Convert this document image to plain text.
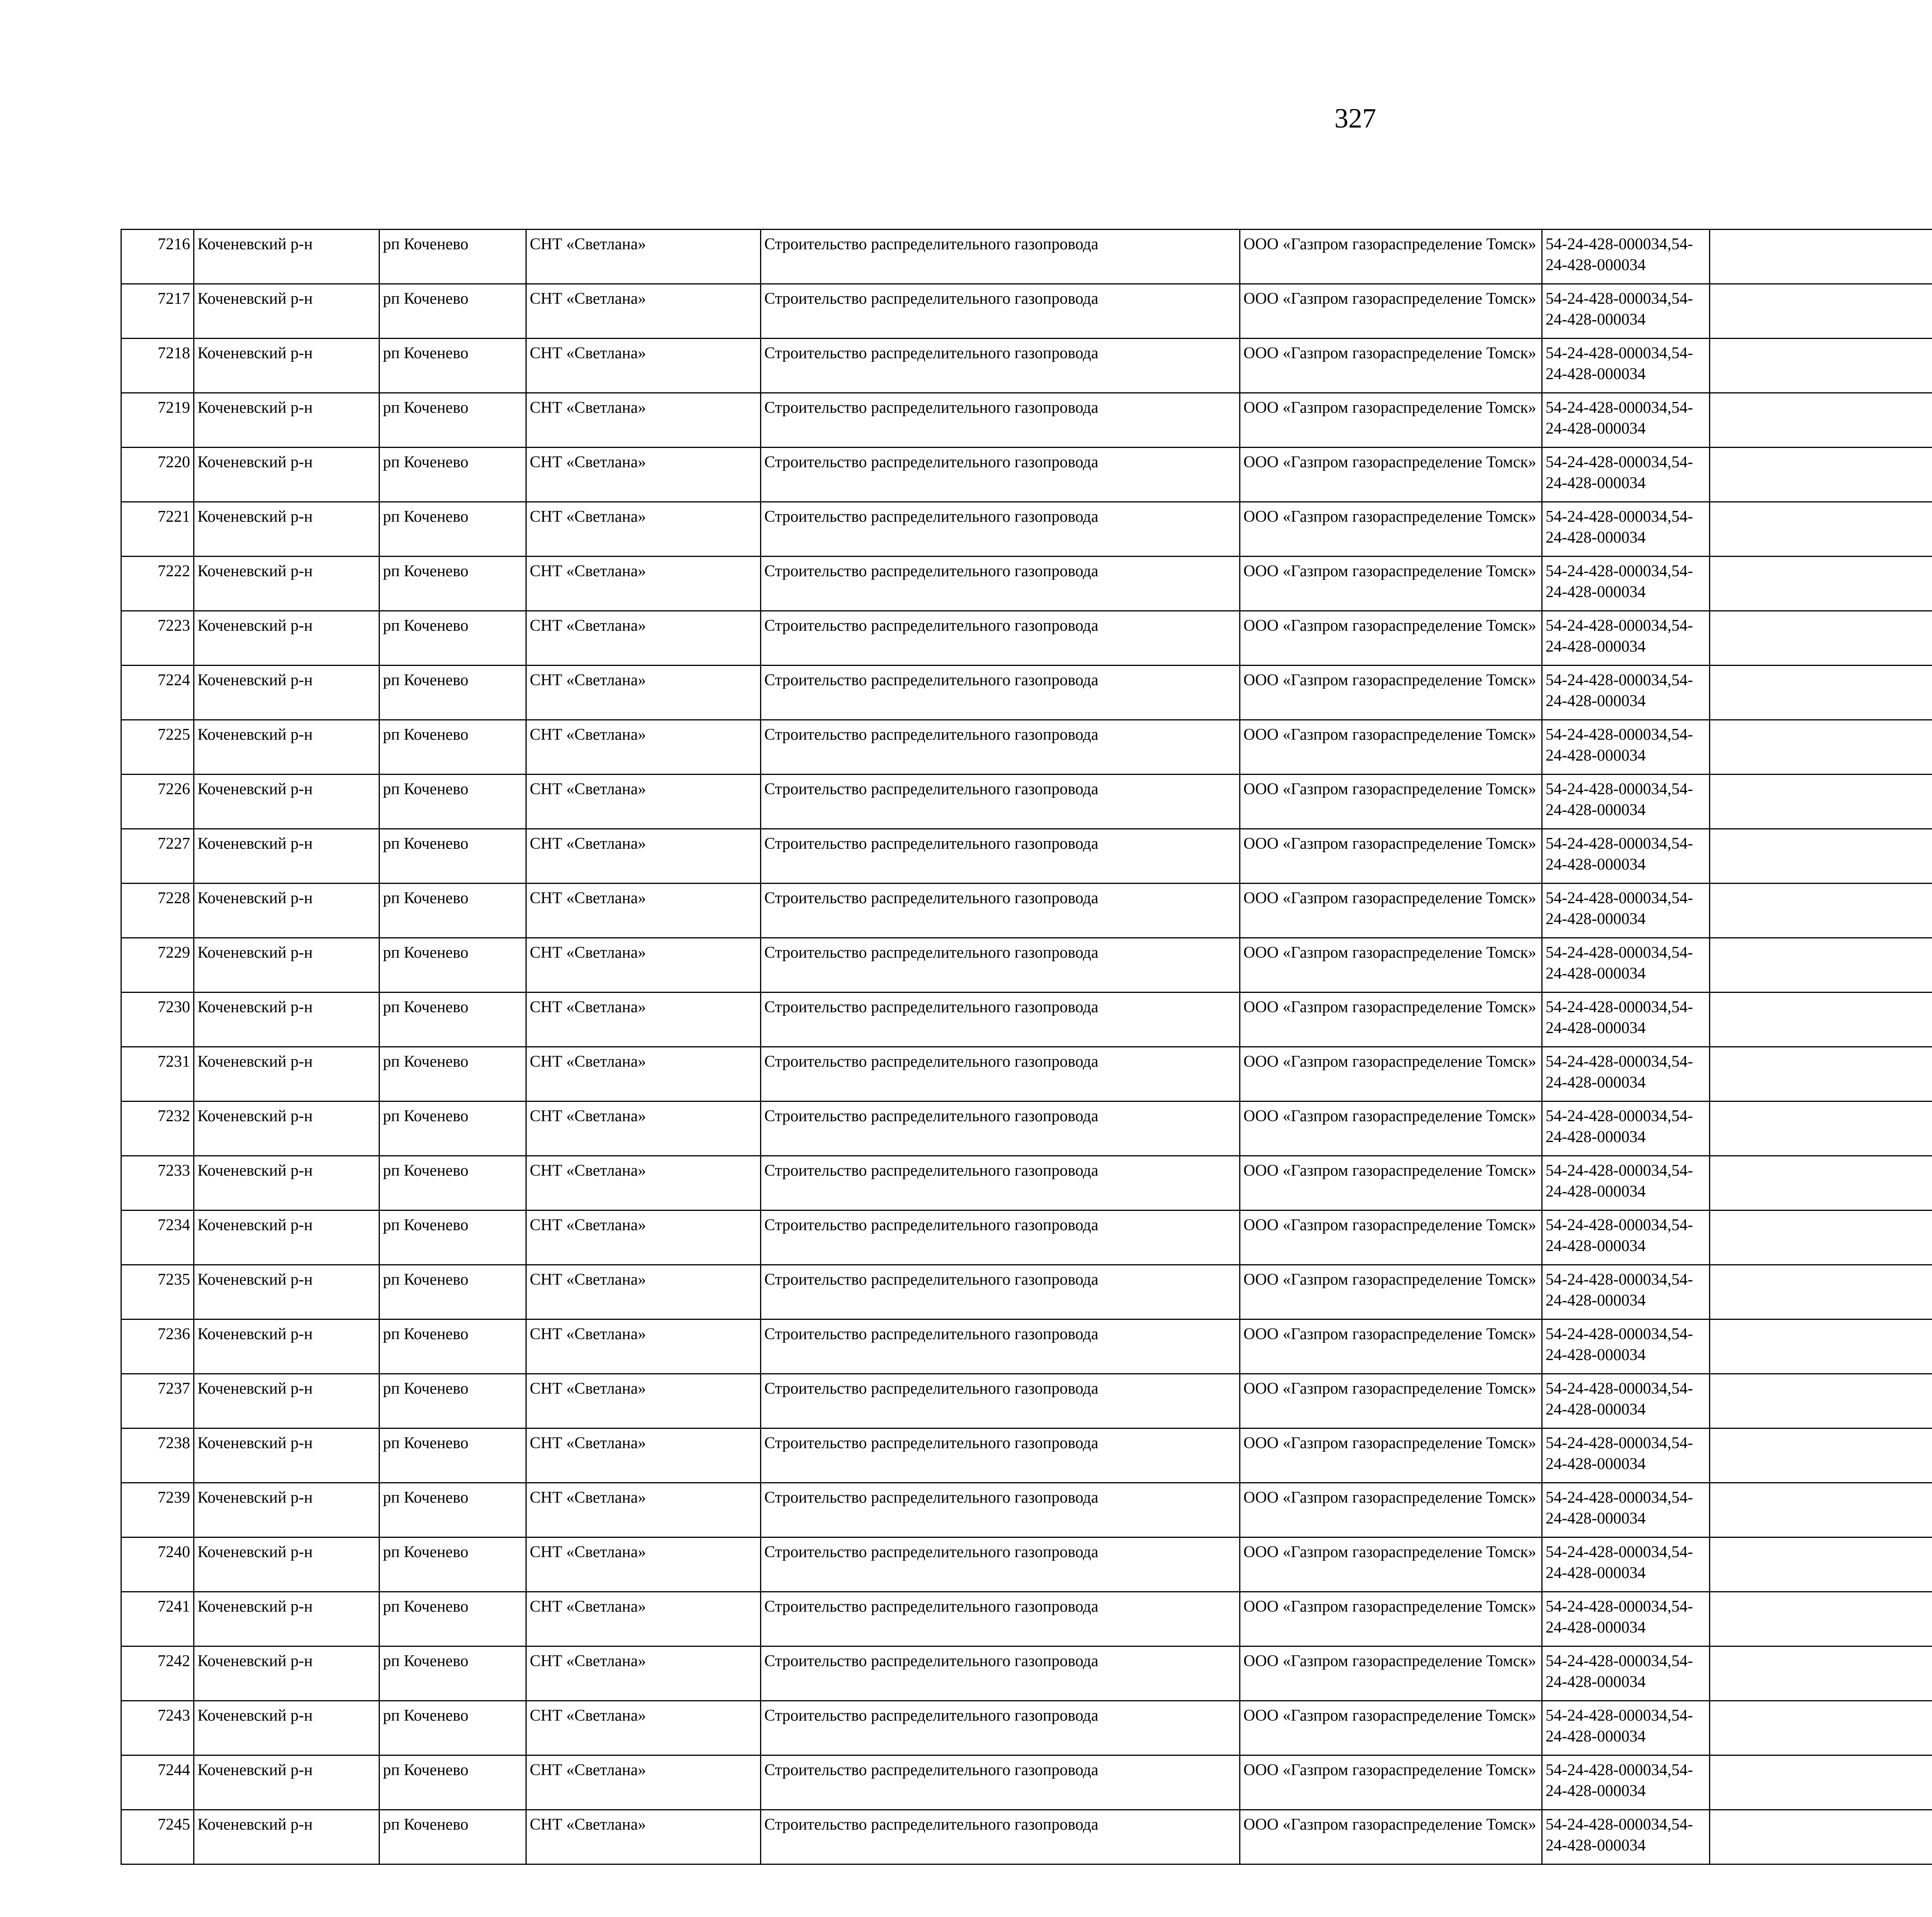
327
7216	Коченевский р-н	рп Коченево	СНТ «Светлана»	Строительство распределительного газопровода	ООО «Газпром газораспределение Томск»	54-24-428-000034,54-24-428-000034						
7217	Коченевский р-н	рп Коченево	СНТ «Светлана»	Строительство распределительного газопровода	ООО «Газпром газораспределение Томск»	54-24-428-000034,54-24-428-000034						
7218	Коченевский р-н	рп Коченево	СНТ «Светлана»	Строительство распределительного газопровода	ООО «Газпром газораспределение Томск»	54-24-428-000034,54-24-428-000034						
7219	Коченевский р-н	рп Коченево	СНТ «Светлана»	Строительство распределительного газопровода	ООО «Газпром газораспределение Томск»	54-24-428-000034,54-24-428-000034						
7220	Коченевский р-н	рп Коченево	СНТ «Светлана»	Строительство распределительного газопровода	ООО «Газпром газораспределение Томск»	54-24-428-000034,54-24-428-000034						
7221	Коченевский р-н	рп Коченево	СНТ «Светлана»	Строительство распределительного газопровода	ООО «Газпром газораспределение Томск»	54-24-428-000034,54-24-428-000034						
7222	Коченевский р-н	рп Коченево	СНТ «Светлана»	Строительство распределительного газопровода	ООО «Газпром газораспределение Томск»	54-24-428-000034,54-24-428-000034						
7223	Коченевский р-н	рп Коченево	СНТ «Светлана»	Строительство распределительного газопровода	ООО «Газпром газораспределение Томск»	54-24-428-000034,54-24-428-000034						
7224	Коченевский р-н	рп Коченево	СНТ «Светлана»	Строительство распределительного газопровода	ООО «Газпром газораспределение Томск»	54-24-428-000034,54-24-428-000034						
7225	Коченевский р-н	рп Коченево	СНТ «Светлана»	Строительство распределительного газопровода	ООО «Газпром газораспределение Томск»	54-24-428-000034,54-24-428-000034						
7226	Коченевский р-н	рп Коченево	СНТ «Светлана»	Строительство распределительного газопровода	ООО «Газпром газораспределение Томск»	54-24-428-000034,54-24-428-000034						
7227	Коченевский р-н	рп Коченево	СНТ «Светлана»	Строительство распределительного газопровода	ООО «Газпром газораспределение Томск»	54-24-428-000034,54-24-428-000034						
7228	Коченевский р-н	рп Коченево	СНТ «Светлана»	Строительство распределительного газопровода	ООО «Газпром газораспределение Томск»	54-24-428-000034,54-24-428-000034						
7229	Коченевский р-н	рп Коченево	СНТ «Светлана»	Строительство распределительного газопровода	ООО «Газпром газораспределение Томск»	54-24-428-000034,54-24-428-000034						
7230	Коченевский р-н	рп Коченево	СНТ «Светлана»	Строительство распределительного газопровода	ООО «Газпром газораспределение Томск»	54-24-428-000034,54-24-428-000034						
7231	Коченевский р-н	рп Коченево	СНТ «Светлана»	Строительство распределительного газопровода	ООО «Газпром газораспределение Томск»	54-24-428-000034,54-24-428-000034						
7232	Коченевский р-н	рп Коченево	СНТ «Светлана»	Строительство распределительного газопровода	ООО «Газпром газораспределение Томск»	54-24-428-000034,54-24-428-000034						
7233	Коченевский р-н	рп Коченево	СНТ «Светлана»	Строительство распределительного газопровода	ООО «Газпром газораспределение Томск»	54-24-428-000034,54-24-428-000034						
7234	Коченевский р-н	рп Коченево	СНТ «Светлана»	Строительство распределительного газопровода	ООО «Газпром газораспределение Томск»	54-24-428-000034,54-24-428-000034						
7235	Коченевский р-н	рп Коченево	СНТ «Светлана»	Строительство распределительного газопровода	ООО «Газпром газораспределение Томск»	54-24-428-000034,54-24-428-000034						
7236	Коченевский р-н	рп Коченево	СНТ «Светлана»	Строительство распределительного газопровода	ООО «Газпром газораспределение Томск»	54-24-428-000034,54-24-428-000034						
7237	Коченевский р-н	рп Коченево	СНТ «Светлана»	Строительство распределительного газопровода	ООО «Газпром газораспределение Томск»	54-24-428-000034,54-24-428-000034						
7238	Коченевский р-н	рп Коченево	СНТ «Светлана»	Строительство распределительного газопровода	ООО «Газпром газораспределение Томск»	54-24-428-000034,54-24-428-000034						
7239	Коченевский р-н	рп Коченево	СНТ «Светлана»	Строительство распределительного газопровода	ООО «Газпром газораспределение Томск»	54-24-428-000034,54-24-428-000034						
7240	Коченевский р-н	рп Коченево	СНТ «Светлана»	Строительство распределительного газопровода	ООО «Газпром газораспределение Томск»	54-24-428-000034,54-24-428-000034						
7241	Коченевский р-н	рп Коченево	СНТ «Светлана»	Строительство распределительного газопровода	ООО «Газпром газораспределение Томск»	54-24-428-000034,54-24-428-000034						
7242	Коченевский р-н	рп Коченево	СНТ «Светлана»	Строительство распределительного газопровода	ООО «Газпром газораспределение Томск»	54-24-428-000034,54-24-428-000034						
7243	Коченевский р-н	рп Коченево	СНТ «Светлана»	Строительство распределительного газопровода	ООО «Газпром газораспределение Томск»	54-24-428-000034,54-24-428-000034						
7244	Коченевский р-н	рп Коченево	СНТ «Светлана»	Строительство распределительного газопровода	ООО «Газпром газораспределение Томск»	54-24-428-000034,54-24-428-000034						
7245	Коченевский р-н	рп Коченево	СНТ «Светлана»	Строительство распределительного газопровода	ООО «Газпром газораспределение Томск»	54-24-428-000034,54-24-428-000034						
